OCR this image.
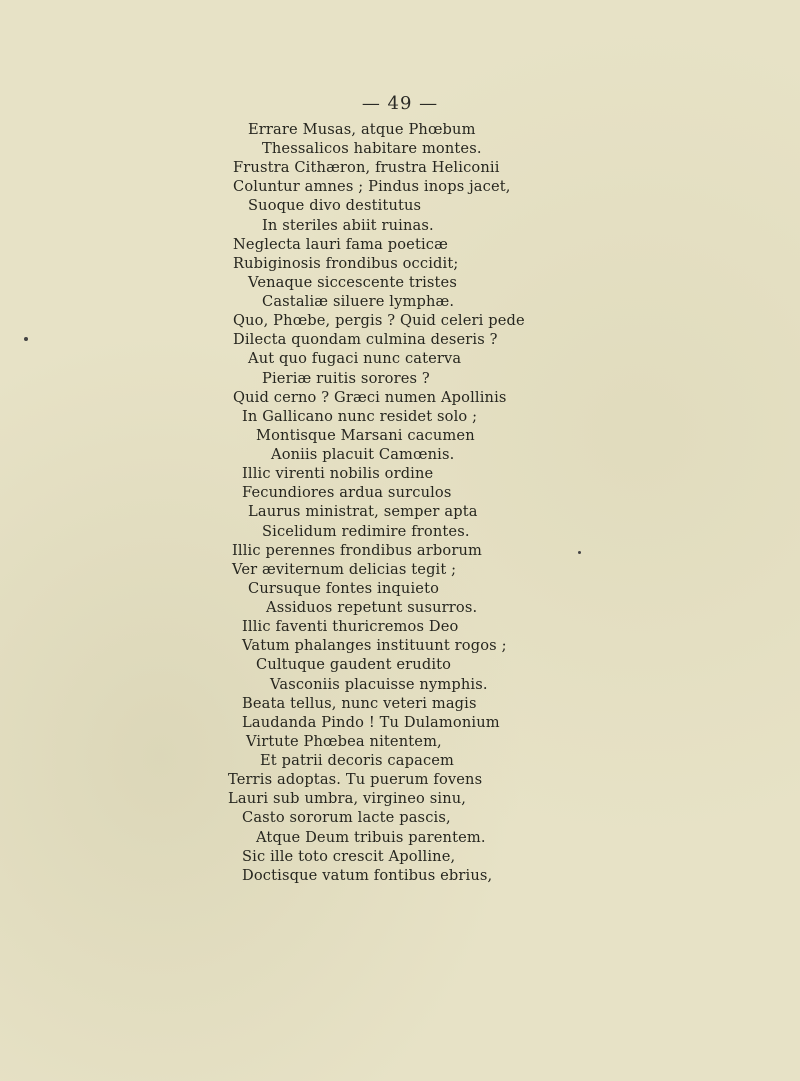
— 49 —
Errare Musas, atque Phœbum
Thessalicos habitare montes.
Frustra Cithæron, frustra Heliconii
Coluntur amnes ; Pindus inops jacet,
Suoque divo destitutus
In steriles abiit ruinas.
Neglecta lauri fama poeticæ
Rubiginosis frondibus occidit;
Venaque siccescente tristes
Castaliæ siluere lymphæ.
Quo, Phœbe, pergis ? Quid celeri pede
Dilecta quondam culmina deseris ?
Aut quo fugaci nunc caterva
Pieriæ ruitis sorores ?
Quid cerno ? Græci numen Apollinis
In Gallicano nunc residet solo ;
Montisque Marsani cacumen
Aoniis placuit Camœnis.
Illic virenti nobilis ordine
Fecundiores ardua surculos
Laurus ministrat, semper apta
Sicelidum redimire frontes.
Illic perennes frondibus arborum
Ver æviternum delicias tegit ;
Cursuque fontes inquieto
Assiduos repetunt susurros.
Illic faventi thuricremos Deo
Vatum phalanges instituunt rogos ;
Cultuque gaudent erudito
Vasconiis placuisse nymphis.
Beata tellus, nunc veteri magis
Laudanda Pindo ! Tu Dulamonium
Virtute Phœbea nitentem,
Et patrii decoris capacem
Terris adoptas. Tu puerum fovens
Lauri sub umbra, virgineo sinu,
Casto sororum lacte pascis,
Atque Deum tribuis parentem.
Sic ille toto crescit Apolline,
Doctisque vatum fontibus ebrius,
